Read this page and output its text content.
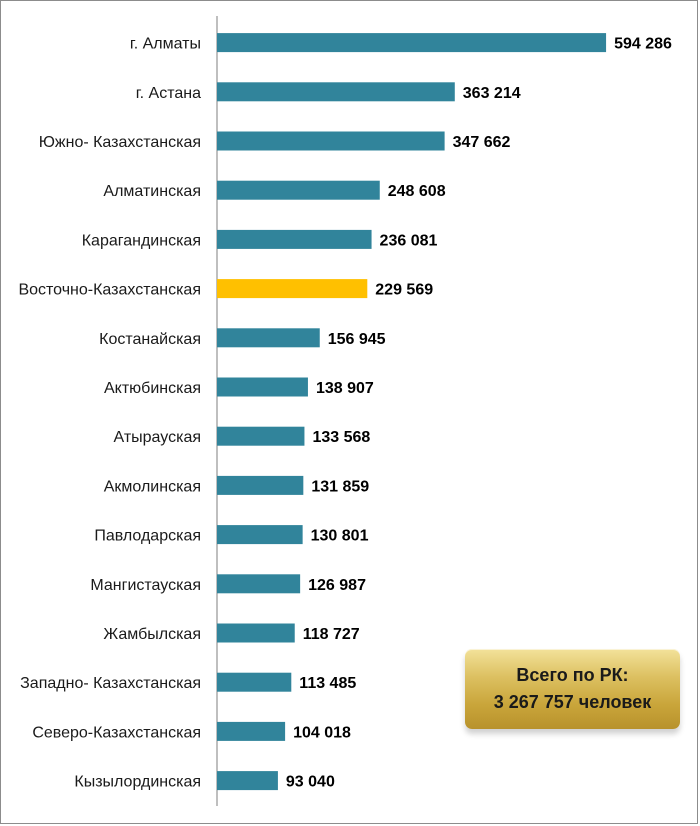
г. Алматы	594 286
г. Астана	363 214
Южно- Казахстанская	347 662
Алматинская	248 608
Карагандинская	236 081
Восточно-Казахстанская	229 569
Костанайская	156 945
Актюбинская	138 907
Атырауская	133 568
Акмолинская	131 859
Павлодарская	130 801
Мангистауская	126 987
Жамбылская	118 727
Западно- Казахстанская	113 485
Северо-Казахстанская	104 018
Кызылординская	93 040
Всего по РК:
3 267 757 человек
